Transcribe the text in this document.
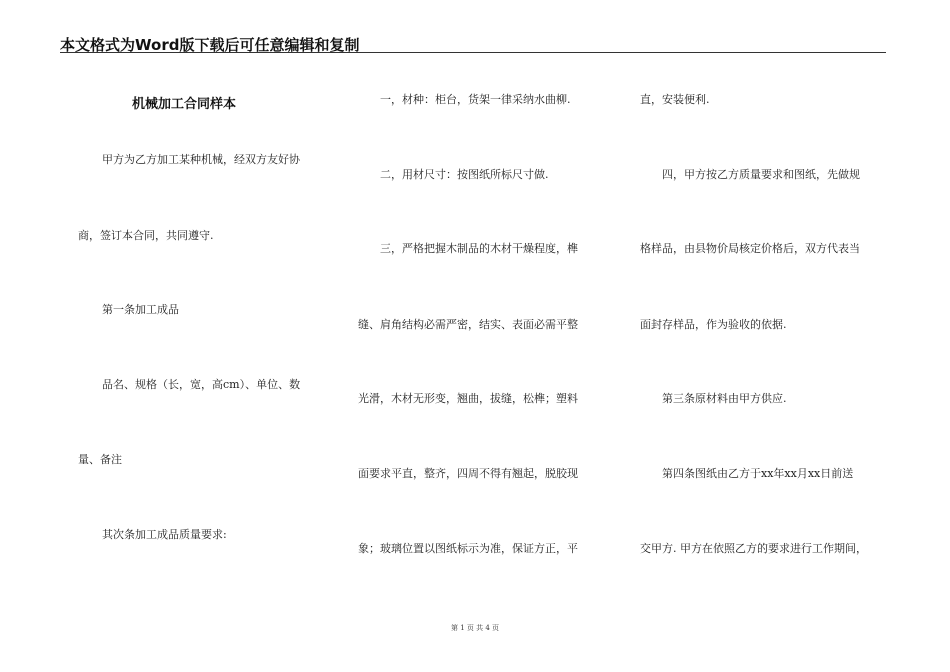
本文格式为Word版下载后可任意编辑和复制
机械加工合同样本
甲方为乙方加工某种机械，经双方友好协
商，签订本合同，共同遵守.
第一条加工成品
品名、规格（长，宽，高cm）、单位、数
量、备注
其次条加工成品质量要求:
一，材种：柜台，货架一律采纳水曲柳.
二，用材尺寸：按图纸所标尺寸做.
三，严格把握木制品的木材干燥程度，榫
缝、肩角结构必需严密，结实、表面必需平整
光滑，木材无形变，翘曲，拔缝，松榫；塑料
面要求平直，整齐，四周不得有翘起，脱胶现
象；玻璃位置以图纸标示为准，保证方正，平
直，安装便利.
四，甲方按乙方质量要求和图纸，先做规
格样品，由县物价局核定价格后，双方代表当
面封存样品，作为验收的依据.
第三条原材料由甲方供应.
第四条图纸由乙方于xx年xx月xx日前送
交甲方. 甲方在依照乙方的要求进行工作期间，
第 1 页 共 4 页
